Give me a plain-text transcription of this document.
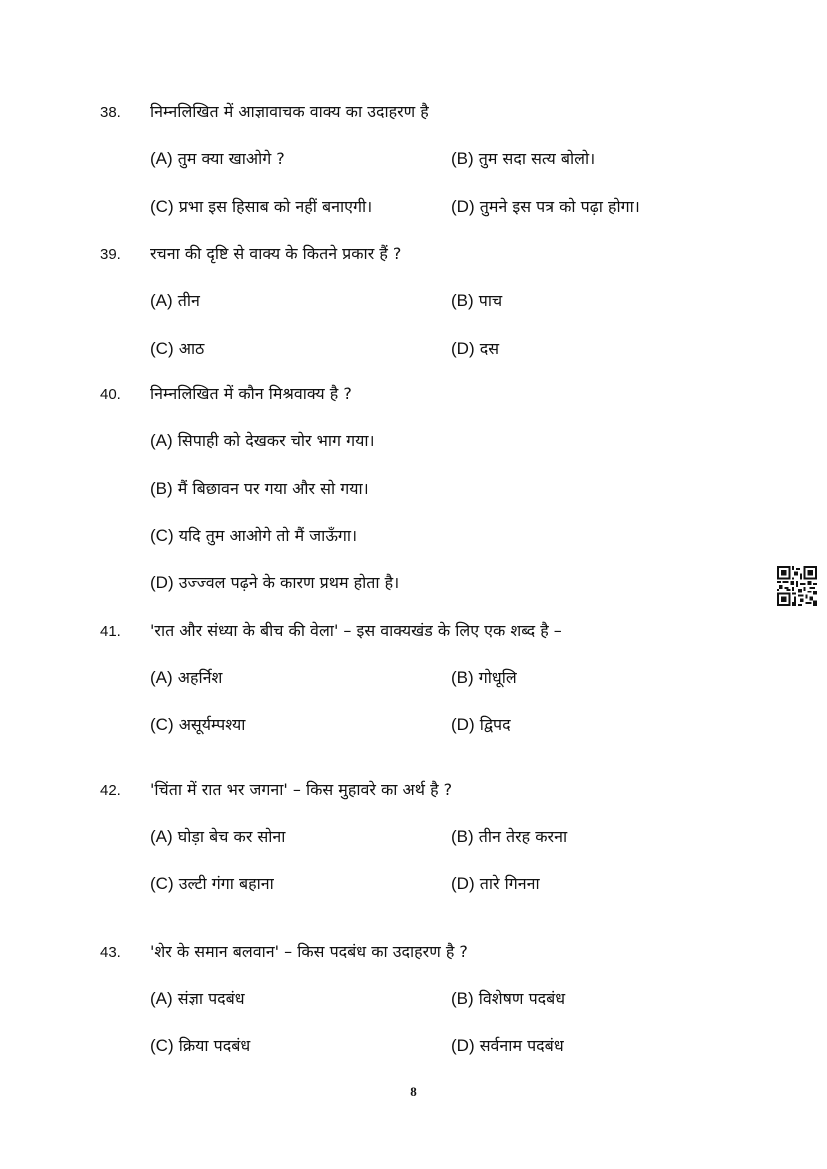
38. निम्नलिखित में आज्ञावाचक वाक्य का उदाहरण है
(A) तुम क्या खाओगे ?	(B) तुम सदा सत्य बोलो।
(C) प्रभा इस हिसाब को नहीं बनाएगी।	(D) तुमने इस पत्र को पढ़ा होगा।
39. रचना की दृष्टि से वाक्य के कितने प्रकार हैं ?
(A) तीन	(B) पाच
(C) आठ	(D) दस
40. निम्नलिखित में कौन मिश्रवाक्य है ?
(A) सिपाही को देखकर चोर भाग गया।
(B) मैं बिछावन पर गया और सो गया।
(C) यदि तुम आओगे तो मैं जाऊँगा।
(D) उज्ज्वल पढ़ने के कारण प्रथम होता है।
41. 'रात और संध्या के बीच की वेला' – इस वाक्यखंड के लिए एक शब्द है –
(A) अहर्निश	(B) गोधूलि
(C) असूर्यम्पश्या	(D) द्विपद
42. 'चिंता में रात भर जगना' – किस मुहावरे का अर्थ है ?
(A) घोड़ा बेच कर सोना	(B) तीन तेरह करना
(C) उल्टी गंगा बहाना	(D) तारे गिनना
43. 'शेर के समान बलवान' – किस पदबंध का उदाहरण है ?
(A) संज्ञा पदबंध	(B) विशेषण पदबंध
(C) क्रिया पदबंध	(D) सर्वनाम पदबंध
8
